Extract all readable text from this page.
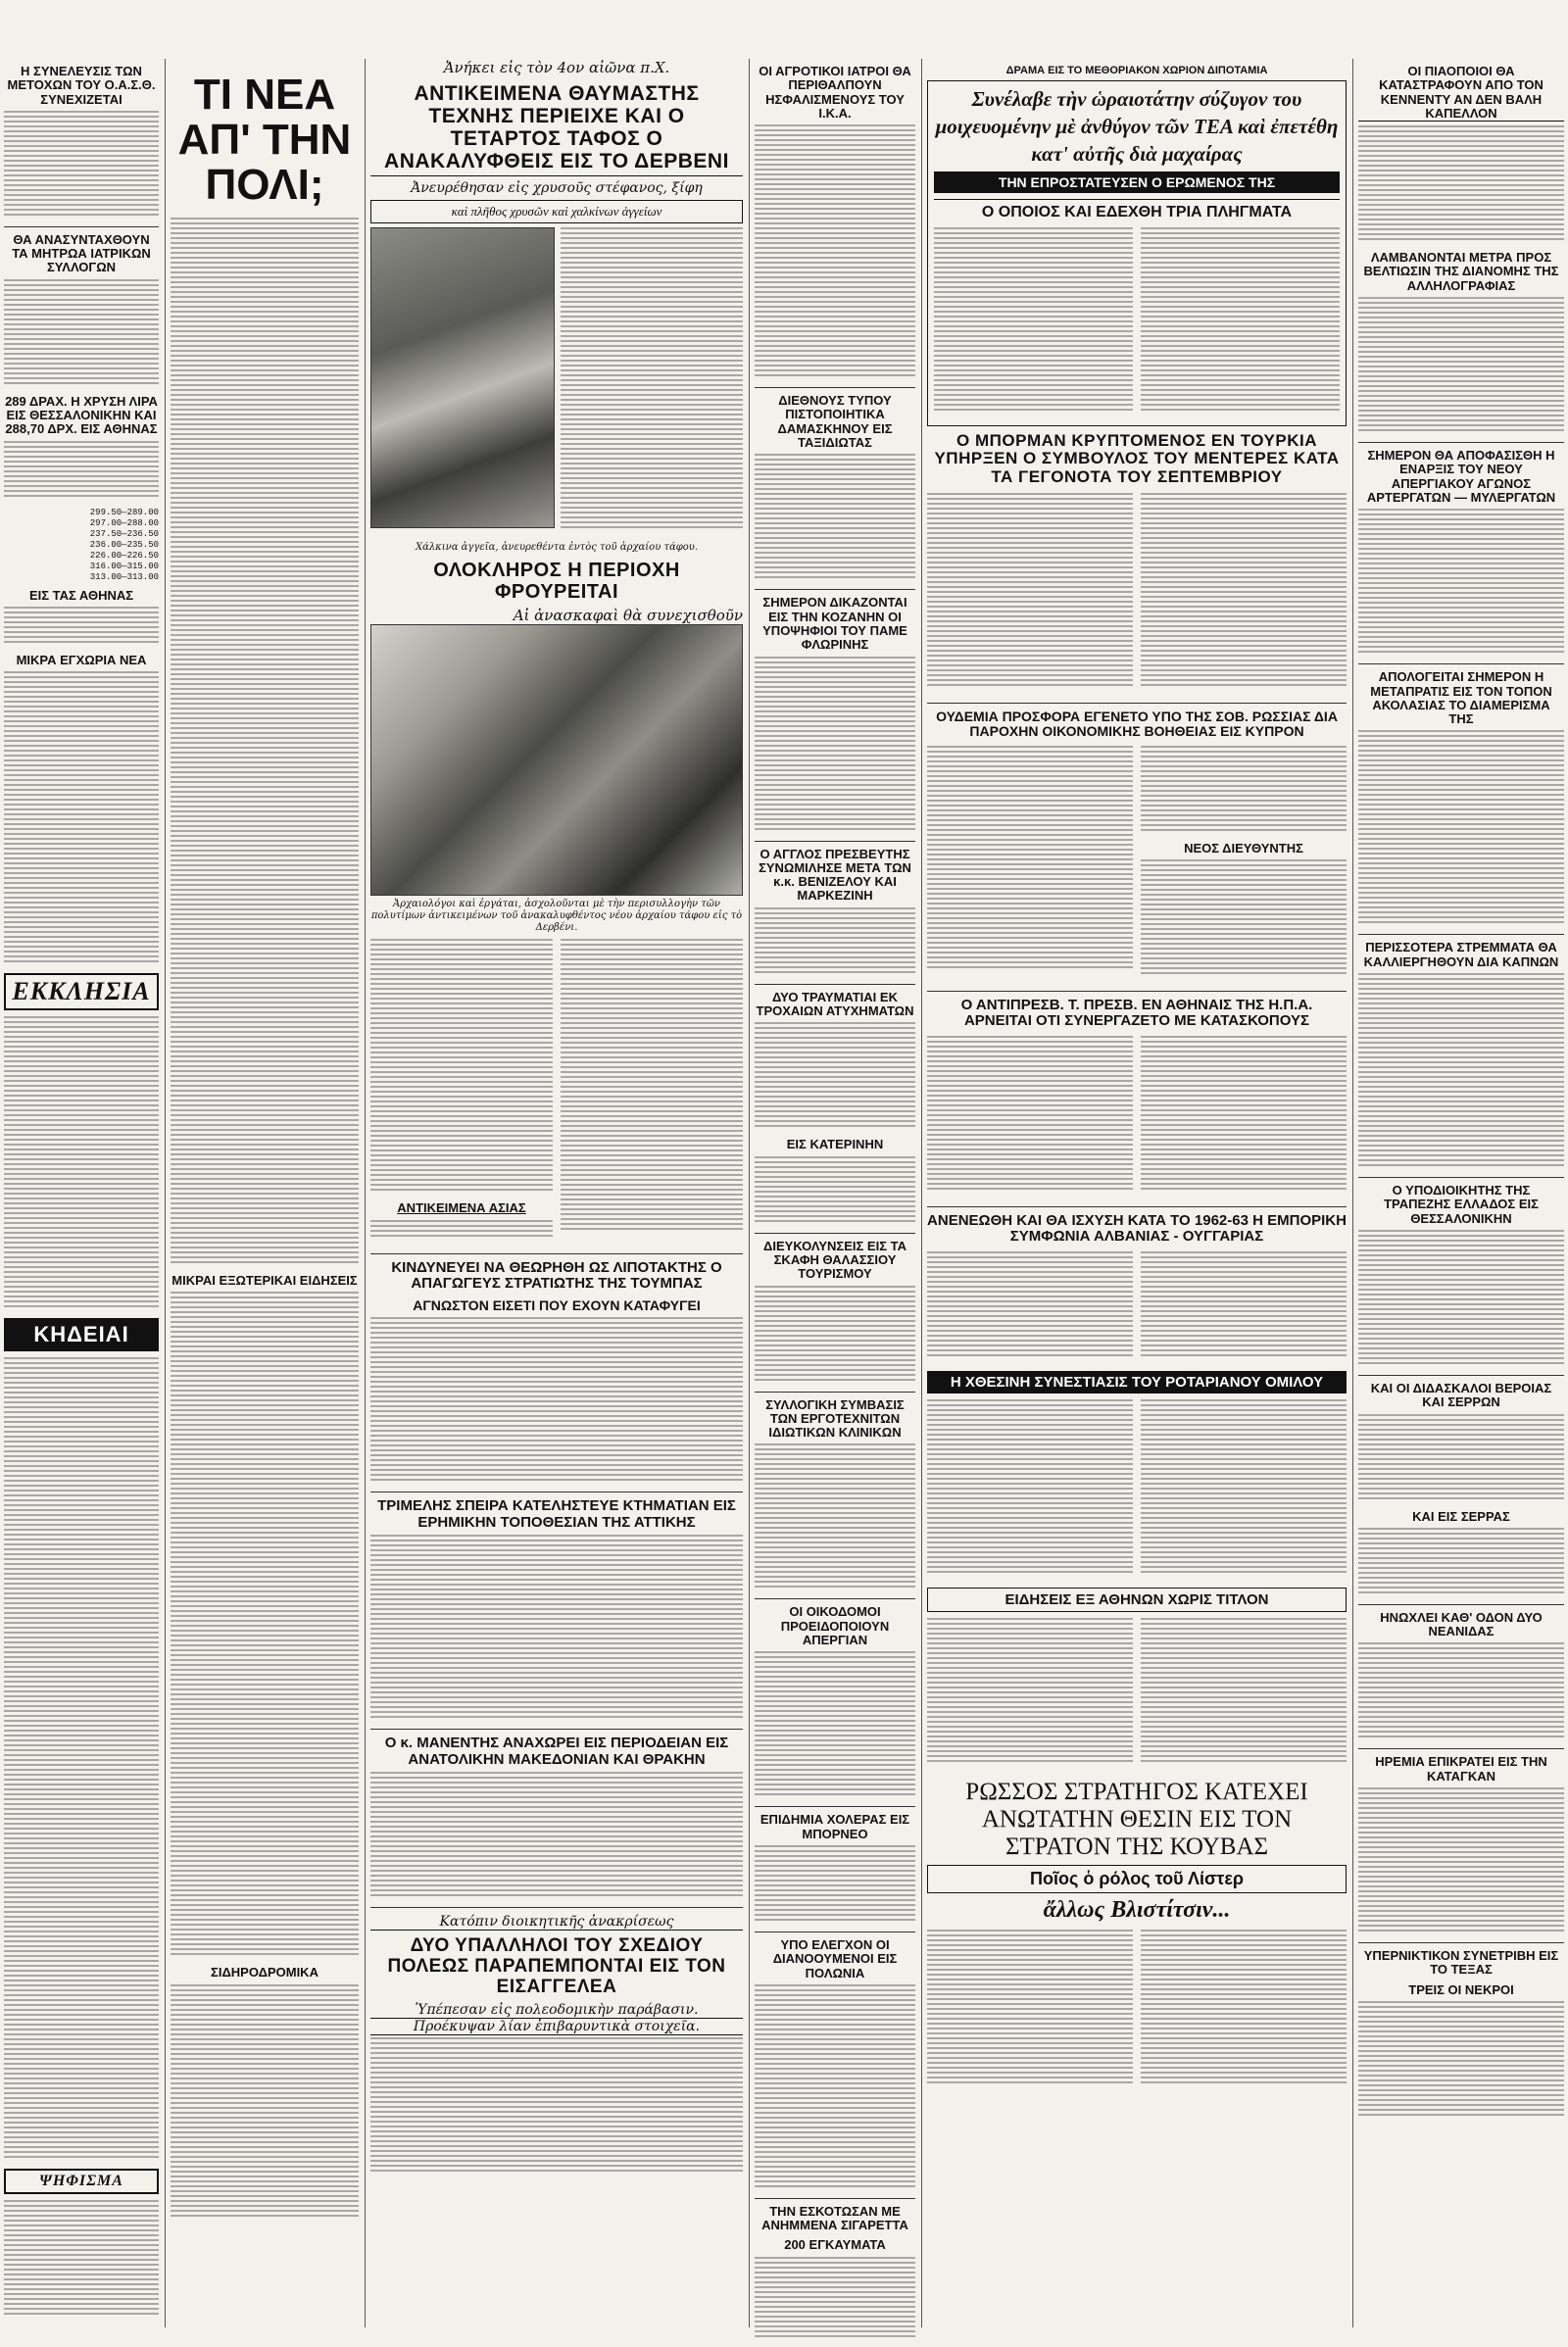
Η ΣΥΝΕΛΕΥΣΙΣ ΤΩΝ ΜΕΤΟΧΩΝ ΤΟΥ Ο.Α.Σ.Θ. ΣΥΝΕΧΙΖΕΤΑΙ
ΘΑ ΑΝΑΣΥΝΤΑΧΘΟΥΝ ΤΑ ΜΗΤΡΩΑ ΙΑΤΡΙΚΩΝ ΣΥΛΛΟΓΩΝ
289 ΔΡΑΧ. Η ΧΡΥΣΗ ΛΙΡΑ ΕΙΣ ΘΕΣΣΑΛΟΝΙΚΗΝ ΚΑΙ 288,70 ΔΡΧ. ΕΙΣ ΑΘΗΝΑΣ
299.50—289.00
297.00—288.00
237.50—236.50
236.00—235.50
226.00—226.50
316.00—315.00
313.00—313.00
ΕΙΣ ΤΑΣ ΑΘΗΝΑΣ
ΜΙΚΡΑ ΕΓΧΩΡΙΑ ΝΕΑ
ΕΚΚΛΗΣΙΑ
ΚΗΔΕΙΑΙ
ΨΗΦΙΣΜΑ
ΤΙ ΝΕΑ
ΑΠ' ΤΗΝ
ΠΟΛΙ;
ΜΙΚΡΑΙ ΕΞΩΤΕΡΙΚΑΙ ΕΙΔΗΣΕΙΣ
ΣΙΔΗΡΟΔΡΟΜΙΚΑ
Ἀνήκει εἰς τὸν 4ον αἰῶνα π.Χ.
ΑΝΤΙΚΕΙΜΕΝΑ ΘΑΥΜΑΣΤΗΣ ΤΕΧΝΗΣ ΠΕΡΙΕΙΧΕ ΚΑΙ Ο ΤΕΤΑΡΤΟΣ ΤΑΦΟΣ Ο ΑΝΑΚΑΛΥΦΘΕΙΣ ΕΙΣ ΤΟ ΔΕΡΒΕΝΙ
Ἀνευρέθησαν εἰς χρυσοῦς στέφανος, ξίφη
καὶ πλῆθος χρυσῶν καὶ χαλκίνων ἀγγείων
Χάλκινα ἀγγεῖα, ἀνευρεθέντα ἐντὸς τοῦ ἀρχαίου τάφου.
ΟΛΟΚΛΗΡΟΣ Η ΠΕΡΙΟΧΗ ΦΡΟΥΡΕΙΤΑΙ
Αἱ ἀνασκαφαὶ θὰ συνεχισθοῦν
Ἀρχαιολόγοι καὶ ἐργάται, ἀσχολοῦνται μὲ τὴν περισυλλογὴν τῶν πολυτίμων ἀντικειμένων τοῦ ἀνακαλυφθέντος νέου ἀρχαίου τάφου εἰς τὸ Δερβένι.
ΑΝΤΙΚΕΙΜΕΝΑ ΑΣΙΑΣ
ΚΙΝΔΥΝΕΥΕΙ ΝΑ ΘΕΩΡΗΘΗ ΩΣ ΛΙΠΟΤΑΚΤΗΣ Ο ΑΠΑΓΩΓΕΥΣ ΣΤΡΑΤΙΩΤΗΣ ΤΗΣ ΤΟΥΜΠΑΣ
ΑΓΝΩΣΤΟΝ ΕΙΣΕΤΙ ΠΟΥ ΕΧΟΥΝ ΚΑΤΑΦΥΓΕΙ
ΤΡΙΜΕΛΗΣ ΣΠΕΙΡΑ ΚΑΤΕΛΗΣΤΕΥΕ ΚΤΗΜΑΤΙΑΝ ΕΙΣ ΕΡΗΜΙΚΗΝ ΤΟΠΟΘΕΣΙΑΝ ΤΗΣ ΑΤΤΙΚΗΣ
Ο κ. ΜΑΝΕΝΤΗΣ ΑΝΑΧΩΡΕΙ ΕΙΣ ΠΕΡΙΟΔΕΙΑΝ ΕΙΣ ΑΝΑΤΟΛΙΚΗΝ ΜΑΚΕΔΟΝΙΑΝ ΚΑΙ ΘΡΑΚΗΝ
Κατόπιν διοικητικῆς ἀνακρίσεως
ΔΥΟ ΥΠΑΛΛΗΛΟΙ ΤΟΥ ΣΧΕΔΙΟΥ ΠΟΛΕΩΣ ΠΑΡΑΠΕΜΠΟΝΤΑΙ ΕΙΣ ΤΟΝ ΕΙΣΑΓΓΕΛΕΑ
Ὑπέπεσαν εἰς πολεοδομικὴν παράβασιν.
Προέκυψαν λίαν ἐπιβαρυντικὰ στοιχεῖα.
ΟΙ ΑΓΡΟΤΙΚΟΙ ΙΑΤΡΟΙ ΘΑ ΠΕΡΙΘΑΛΠΟΥΝ ΗΣΦΑΛΙΣΜΕΝΟΥΣ ΤΟΥ Ι.Κ.Α.
ΔΙΕΘΝΟΥΣ ΤΥΠΟΥ ΠΙΣΤΟΠΟΙΗΤΙΚΑ ΔΑΜΑΣΚΗΝΟΥ ΕΙΣ ΤΑΞΙΔΙΩΤΑΣ
ΣΗΜΕΡΟΝ ΔΙΚΑΖΟΝΤΑΙ ΕΙΣ ΤΗΝ ΚΟΖΑΝΗΝ ΟΙ ΥΠΟΨΗΦΙΟΙ ΤΟΥ ΠΑΜΕ ΦΛΩΡΙΝΗΣ
Ο ΑΓΓΛΟΣ ΠΡΕΣΒΕΥΤΗΣ ΣΥΝΩΜΙΛΗΣΕ ΜΕΤΑ ΤΩΝ κ.κ. ΒΕΝΙΖΕΛΟΥ ΚΑΙ ΜΑΡΚΕΖΙΝΗ
ΔΥΟ ΤΡΑΥΜΑΤΙΑΙ ΕΚ ΤΡΟΧΑΙΩΝ ΑΤΥΧΗΜΑΤΩΝ
ΕΙΣ ΚΑΤΕΡΙΝΗΝ
ΔΙΕΥΚΟΛΥΝΣΕΙΣ ΕΙΣ ΤΑ ΣΚΑΦΗ ΘΑΛΑΣΣΙΟΥ ΤΟΥΡΙΣΜΟΥ
ΣΥΛΛΟΓΙΚΗ ΣΥΜΒΑΣΙΣ ΤΩΝ ΕΡΓΟΤΕΧΝΙΤΩΝ ΙΔΙΩΤΙΚΩΝ ΚΛΙΝΙΚΩΝ
ΟΙ ΟΙΚΟΔΟΜΟΙ ΠΡΟΕΙΔΟΠΟΙΟΥΝ ΑΠΕΡΓΙΑΝ
ΕΠΙΔΗΜΙΑ ΧΟΛΕΡΑΣ ΕΙΣ ΜΠΟΡΝΕΟ
ΥΠΟ ΕΛΕΓΧΟΝ ΟΙ ΔΙΑΝΟΟΥΜΕΝΟΙ ΕΙΣ ΠΟΛΩΝΙΑ
ΤΗΝ ΕΣΚΟΤΩΣΑΝ ΜΕ ΑΝΗΜΜΕΝΑ ΣΙΓΑΡΕΤΤΑ
200 ΕΓΚΑΥΜΑΤΑ
ΔΡΑΜΑ ΕΙΣ ΤΟ ΜΕΘΟΡΙΑΚΟΝ ΧΩΡΙΟΝ ΔΙΠΟΤΑΜΙΑ
Συνέλαβε τὴν ὡραιοτάτην σύζυγον του μοιχευομένην μὲ ἀνθύγον τῶν ΤΕΑ καὶ ἐπετέθη κατ' αὐτῆς διὰ μαχαίρας
ΤΗΝ ΕΠΡΟΣΤΑΤΕΥΣΕΝ Ο ΕΡΩΜΕΝΟΣ ΤΗΣ
Ο ΟΠΟΙΟΣ ΚΑΙ ΕΔΕΧΘΗ ΤΡΙΑ ΠΛΗΓΜΑΤΑ
Ο ΜΠΟΡΜΑΝ ΚΡΥΠΤΟΜΕΝΟΣ ΕΝ ΤΟΥΡΚΙΑ ΥΠΗΡΞΕΝ Ο ΣΥΜΒΟΥΛΟΣ ΤΟΥ ΜΕΝΤΕΡΕΣ ΚΑΤΑ ΤΑ ΓΕΓΟΝΟΤΑ ΤΟΥ ΣΕΠΤΕΜΒΡΙΟΥ
ΟΥΔΕΜΙΑ ΠΡΟΣΦΟΡΑ ΕΓΕΝΕΤΟ ΥΠΟ ΤΗΣ ΣΟΒ. ΡΩΣΣΙΑΣ ΔΙΑ ΠΑΡΟΧΗΝ ΟΙΚΟΝΟΜΙΚΗΣ ΒΟΗΘΕΙΑΣ ΕΙΣ ΚΥΠΡΟΝ
ΝΕΟΣ ΔΙΕΥΘΥΝΤΗΣ
Ο ΑΝΤΙΠΡΕΣΒ. Τ. ΠΡΕΣΒ. ΕΝ ΑΘΗΝΑΙΣ ΤΗΣ Η.Π.Α. ΑΡΝΕΙΤΑΙ ΟΤΙ ΣΥΝΕΡΓΑΖΕΤΟ ΜΕ ΚΑΤΑΣΚΟΠΟΥΣ
ΑΝΕΝΕΩΘΗ ΚΑΙ ΘΑ ΙΣΧΥΣΗ ΚΑΤΑ ΤΟ 1962-63 Η ΕΜΠΟΡΙΚΗ ΣΥΜΦΩΝΙΑ ΑΛΒΑΝΙΑΣ - ΟΥΓΓΑΡΙΑΣ
Η ΧΘΕΣΙΝΗ ΣΥΝΕΣΤΙΑΣΙΣ ΤΟΥ ΡΟΤΑΡΙΑΝΟΥ ΟΜΙΛΟΥ
ΕΙΔΗΣΕΙΣ ΕΞ ΑΘΗΝΩΝ ΧΩΡΙΣ ΤΙΤΛΟΝ
ΡΩΣΣΟΣ ΣΤΡΑΤΗΓΟΣ ΚΑΤΕΧΕΙ ΑΝΩΤΑΤΗΝ ΘΕΣΙΝ ΕΙΣ ΤΟΝ ΣΤΡΑΤΟΝ ΤΗΣ ΚΟΥΒΑΣ
Ποῖος ὁ ρόλος τοῦ Λίστερ
ἄλλως Βλιστίτσιν...
ΟΙ ΠΙΑΟΠΟΙΟΙ ΘΑ ΚΑΤΑΣΤΡΑΦΟΥΝ ΑΠΟ ΤΟΝ ΚΕΝΝΕΝΤΥ ΑΝ ΔΕΝ ΒΑΛΗ ΚΑΠΕΛΛΟΝ
ΛΑΜΒΑΝΟΝΤΑΙ ΜΕΤΡΑ ΠΡΟΣ ΒΕΛΤΙΩΣΙΝ ΤΗΣ ΔΙΑΝΟΜΗΣ ΤΗΣ ΑΛΛΗΛΟΓΡΑΦΙΑΣ
ΣΗΜΕΡΟΝ ΘΑ ΑΠΟΦΑΣΙΣΘΗ Η ΕΝΑΡΞΙΣ ΤΟΥ ΝΕΟΥ ΑΠΕΡΓΙΑΚΟΥ ΑΓΩΝΟΣ ΑΡΤΕΡΓΑΤΩΝ — ΜΥΛΕΡΓΑΤΩΝ
ΑΠΟΛΟΓΕΙΤΑΙ ΣΗΜΕΡΟΝ Η ΜΕΤΑΠΡΑΤΙΣ ΕΙΣ ΤΟΝ ΤΟΠΟΝ ΑΚΟΛΑΣΙΑΣ ΤΟ ΔΙΑΜΕΡΙΣΜΑ ΤΗΣ
ΠΕΡΙΣΣΟΤΕΡΑ ΣΤΡΕΜΜΑΤΑ ΘΑ ΚΑΛΛΙΕΡΓΗΘΟΥΝ ΔΙΑ ΚΑΠΝΩΝ
Ο ΥΠΟΔΙΟΙΚΗΤΗΣ ΤΗΣ ΤΡΑΠΕΖΗΣ ΕΛΛΑΔΟΣ ΕΙΣ ΘΕΣΣΑΛΟΝΙΚΗΝ
ΚΑΙ ΟΙ ΔΙΔΑΣΚΑΛΟΙ ΒΕΡΟΙΑΣ ΚΑΙ ΣΕΡΡΩΝ
ΚΑΙ ΕΙΣ ΣΕΡΡΑΣ
ΗΝΩΧΛΕΙ ΚΑΘ' ΟΔΟΝ ΔΥΟ ΝΕΑΝΙΔΑΣ
ΗΡΕΜΙΑ ΕΠΙΚΡΑΤΕΙ ΕΙΣ ΤΗΝ ΚΑΤΑΓΚΑΝ
ΥΠΕΡΝΙΚΤΙΚΟΝ ΣΥΝΕΤΡΙΒΗ ΕΙΣ ΤΟ ΤΕΞΑΣ
ΤΡΕΙΣ ΟΙ ΝΕΚΡΟΙ
